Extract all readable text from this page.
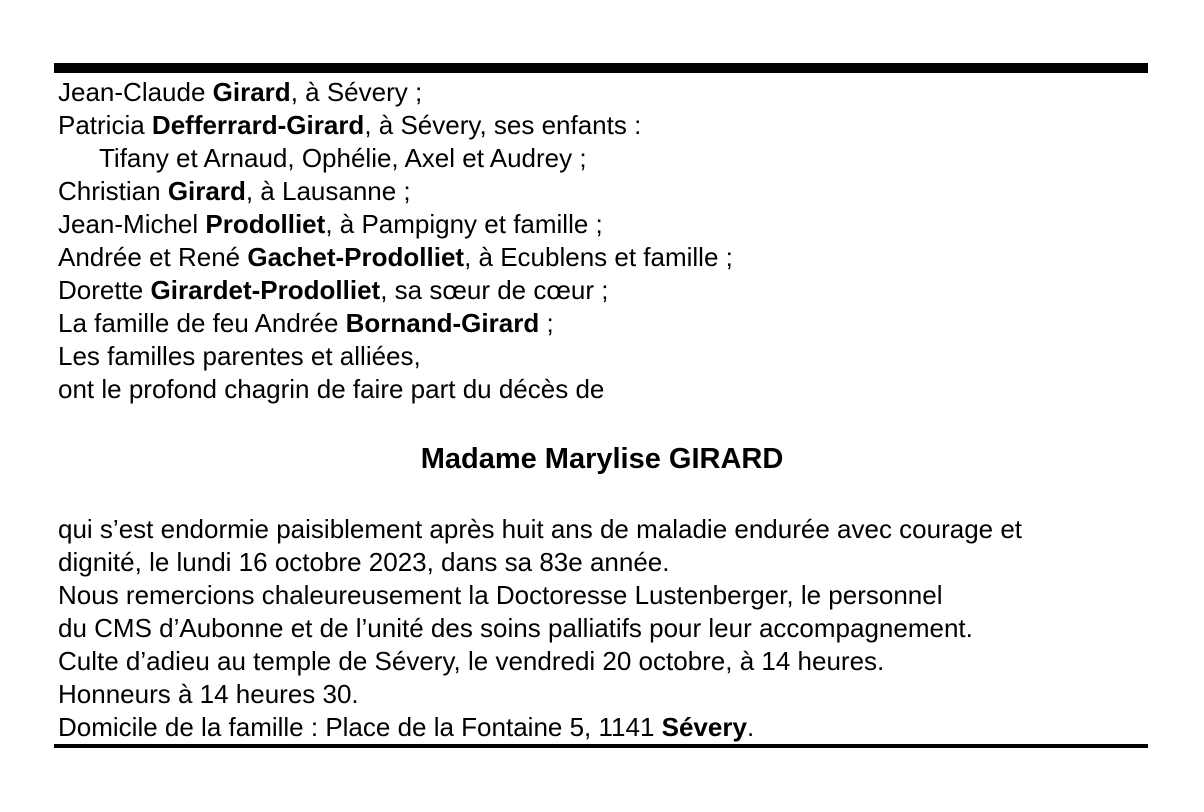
Jean-Claude Girard, à Sévery ;
Patricia Defferrard-Girard, à Sévery, ses enfants :
Tifany et Arnaud, Ophélie, Axel et Audrey ;
Christian Girard, à Lausanne ;
Jean-Michel Prodolliet, à Pampigny et famille ;
Andrée et René Gachet-Prodolliet, à Ecublens et famille ;
Dorette Girardet-Prodolliet, sa sœur de cœur ;
La famille de feu Andrée Bornand-Girard ;
Les familles parentes et alliées,
ont le profond chagrin de faire part du décès de
Madame Marylise GIRARD
qui s’est endormie paisiblement après huit ans de maladie endurée avec courage et
dignité, le lundi 16 octobre 2023, dans sa 83e année.
Nous remercions chaleureusement la Doctoresse Lustenberger, le personnel
du CMS d’Aubonne et de l’unité des soins palliatifs pour leur accompagnement.
Culte d’adieu au temple de Sévery, le vendredi 20 octobre, à 14 heures.
Honneurs à 14 heures 30.
Domicile de la famille : Place de la Fontaine 5, 1141 Sévery.
